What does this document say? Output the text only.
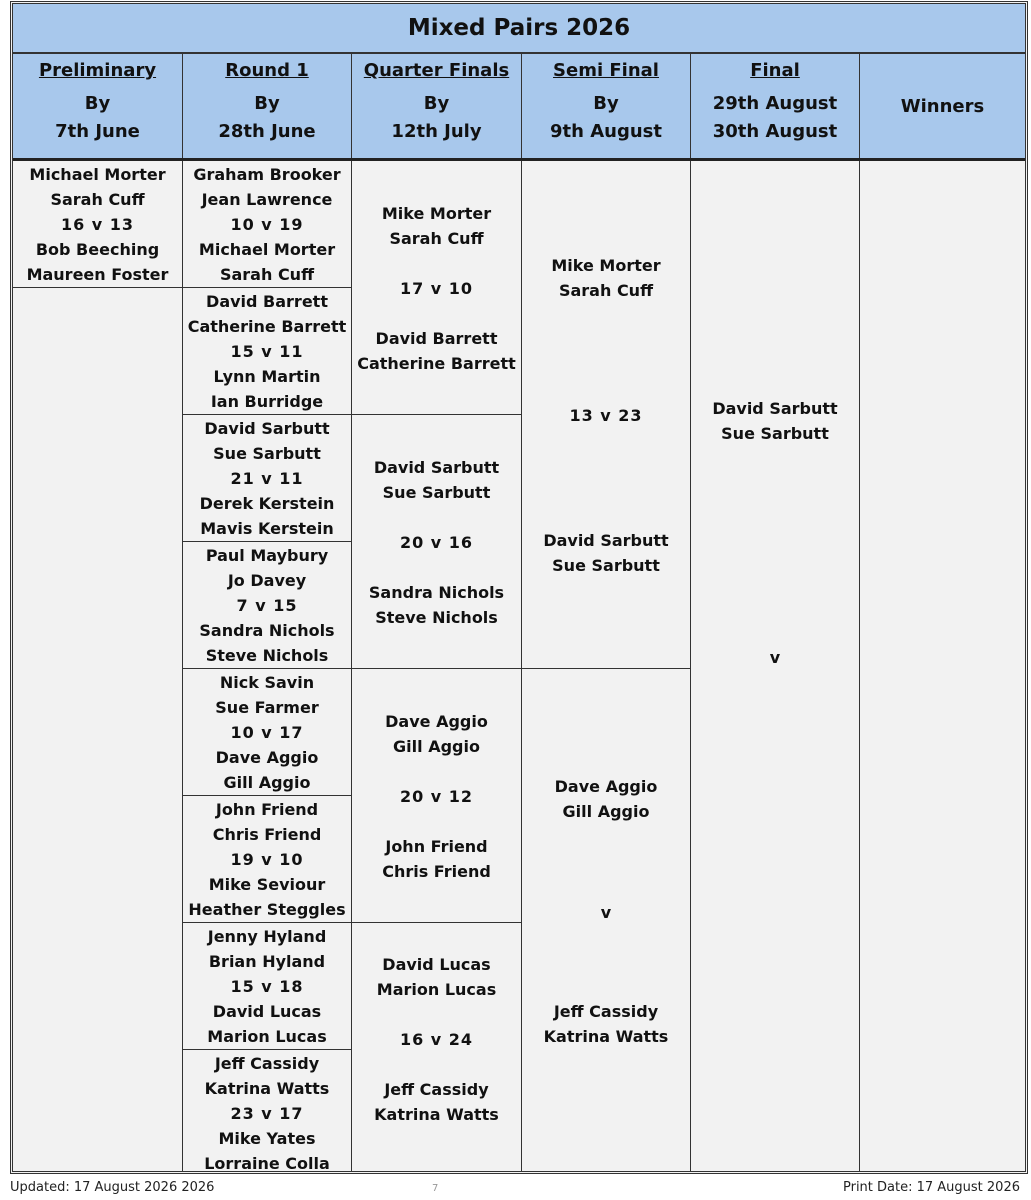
Mixed Pairs 2026
Preliminary
By
7th June
Round 1
By
28th June
Quarter Finals
By
12th July
Semi Final
By
9th August
Final
29th August
30th August
Winners
Michael Morter
Sarah Cuff
16 v 13
Bob Beeching
Maureen Foster
Graham Brooker
Jean Lawrence
10 v 19
Michael Morter
Sarah Cuff
David Barrett
Catherine Barrett
15 v 11
Lynn Martin
Ian Burridge
David Sarbutt
Sue Sarbutt
21 v 11
Derek Kerstein
Mavis Kerstein
Paul Maybury
Jo Davey
7 v 15
Sandra Nichols
Steve Nichols
Nick Savin
Sue Farmer
10 v 17
Dave Aggio
Gill Aggio
John Friend
Chris Friend
19 v 10
Mike Seviour
Heather Steggles
Jenny Hyland
Brian Hyland
15 v 18
David Lucas
Marion Lucas
Jeff Cassidy
Katrina Watts
23 v 17
Mike Yates
Lorraine Colla
Mike Morter
Sarah Cuff
17 v 10
David Barrett
Catherine Barrett
David Sarbutt
Sue Sarbutt
20 v 16
Sandra Nichols
Steve Nichols
Dave Aggio
Gill Aggio
20 v 12
John Friend
Chris Friend
David Lucas
Marion Lucas
16 v 24
Jeff Cassidy
Katrina Watts
Mike Morter
Sarah Cuff
13 v 23
David Sarbutt
Sue Sarbutt
Dave Aggio
Gill Aggio
v
Jeff Cassidy
Katrina Watts
David Sarbutt
Sue Sarbutt
v
Updated: 17 August 2026 2026	7	Print Date: 17 August 2026
